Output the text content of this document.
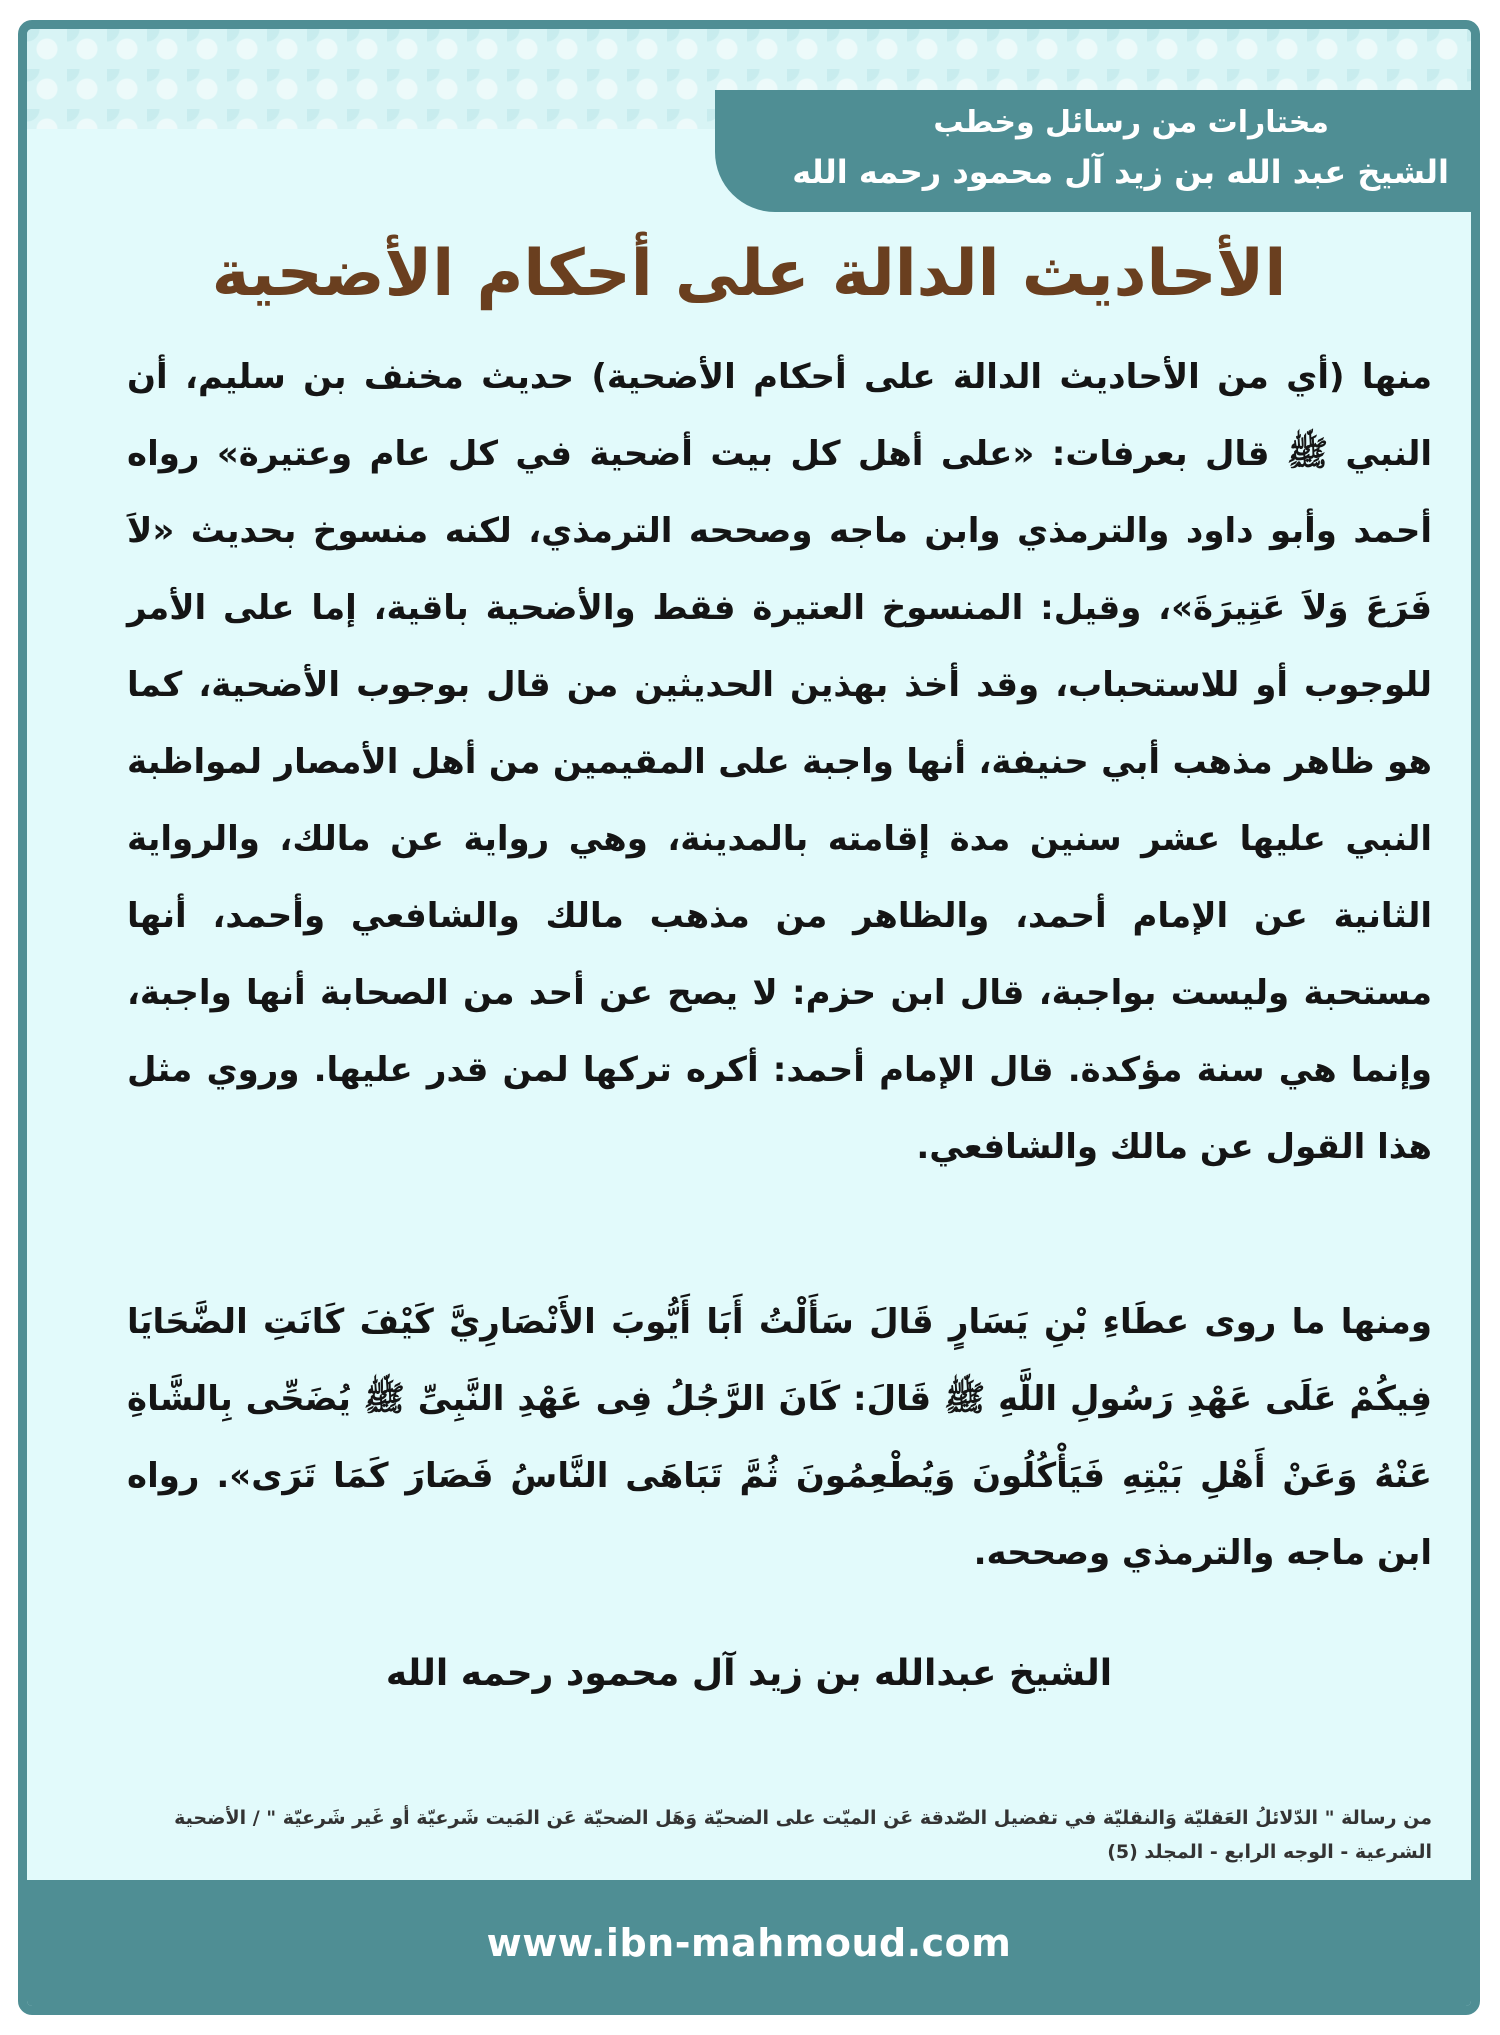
مختارات من رسائل وخطب
الشيخ عبد الله بن زيد آل محمود رحمه الله
الأحاديث الدالة على أحكام الأضحية

منها (أي من الأحاديث الدالة على أحكام الأضحية) حديث مخنف بن سليم، أن النبي ﷺ قال بعرفات: «على أهل كل بيت أضحية في كل عام وعتيرة» رواه أحمد وأبو داود والترمذي وابن ماجه وصححه الترمذي، لكنه منسوخ بحديث «لاَ فَرَعَ وَلاَ عَتِيرَةَ»، وقيل: المنسوخ العتيرة فقط والأضحية باقية، إما على الأمر للوجوب أو للاستحباب، وقد أخذ بهذين الحديثين من قال بوجوب الأضحية، كما هو ظاهر مذهب أبي حنيفة، أنها واجبة على المقيمين من أهل الأمصار لمواظبة النبي عليها عشر سنين مدة إقامته بالمدينة، وهي رواية عن مالك، والرواية الثانية عن الإمام أحمد، والظاهر من مذهب مالك والشافعي وأحمد، أنها مستحبة وليست بواجبة، قال ابن حزم: لا يصح عن أحد من الصحابة أنها واجبة، وإنما هي سنة مؤكدة. قال الإمام أحمد: أكره تركها لمن قدر عليها. وروي مثل هذا القول عن مالك والشافعي.

ومنها ما روى عطَاءِ بْنِ يَسَارٍ قَالَ سَأَلْتُ أَبَا أَيُّوبَ الأَنْصَارِيَّ كَيْفَ كَانَتِ الضَّحَايَا فِيكُمْ عَلَى عَهْدِ رَسُولِ اللَّهِ ﷺ قَالَ: كَانَ الرَّجُلُ فِى عَهْدِ النَّبِىِّ ﷺ يُضَحِّى بِالشَّاةِ عَنْهُ وَعَنْ أَهْلِ بَيْتِهِ فَيَأْكُلُونَ وَيُطْعِمُونَ ثُمَّ تَبَاهَى النَّاسُ فَصَارَ كَمَا تَرَى». رواه ابن ماجه والترمذي وصححه.

الشيخ عبدالله بن زيد آل محمود رحمه الله

من رسالة " الدّلائلُ العَقليّة وَالنقليّة في تفضيل الصّدقة عَن الميّت على الضحيّة وَهَل الضحيّة عَن المَيت شَرعيّة أو غَير شَرعيّة " / الأضحية الشرعية - الوجه الرابع - المجلد (5)

www.ibn-mahmoud.com
